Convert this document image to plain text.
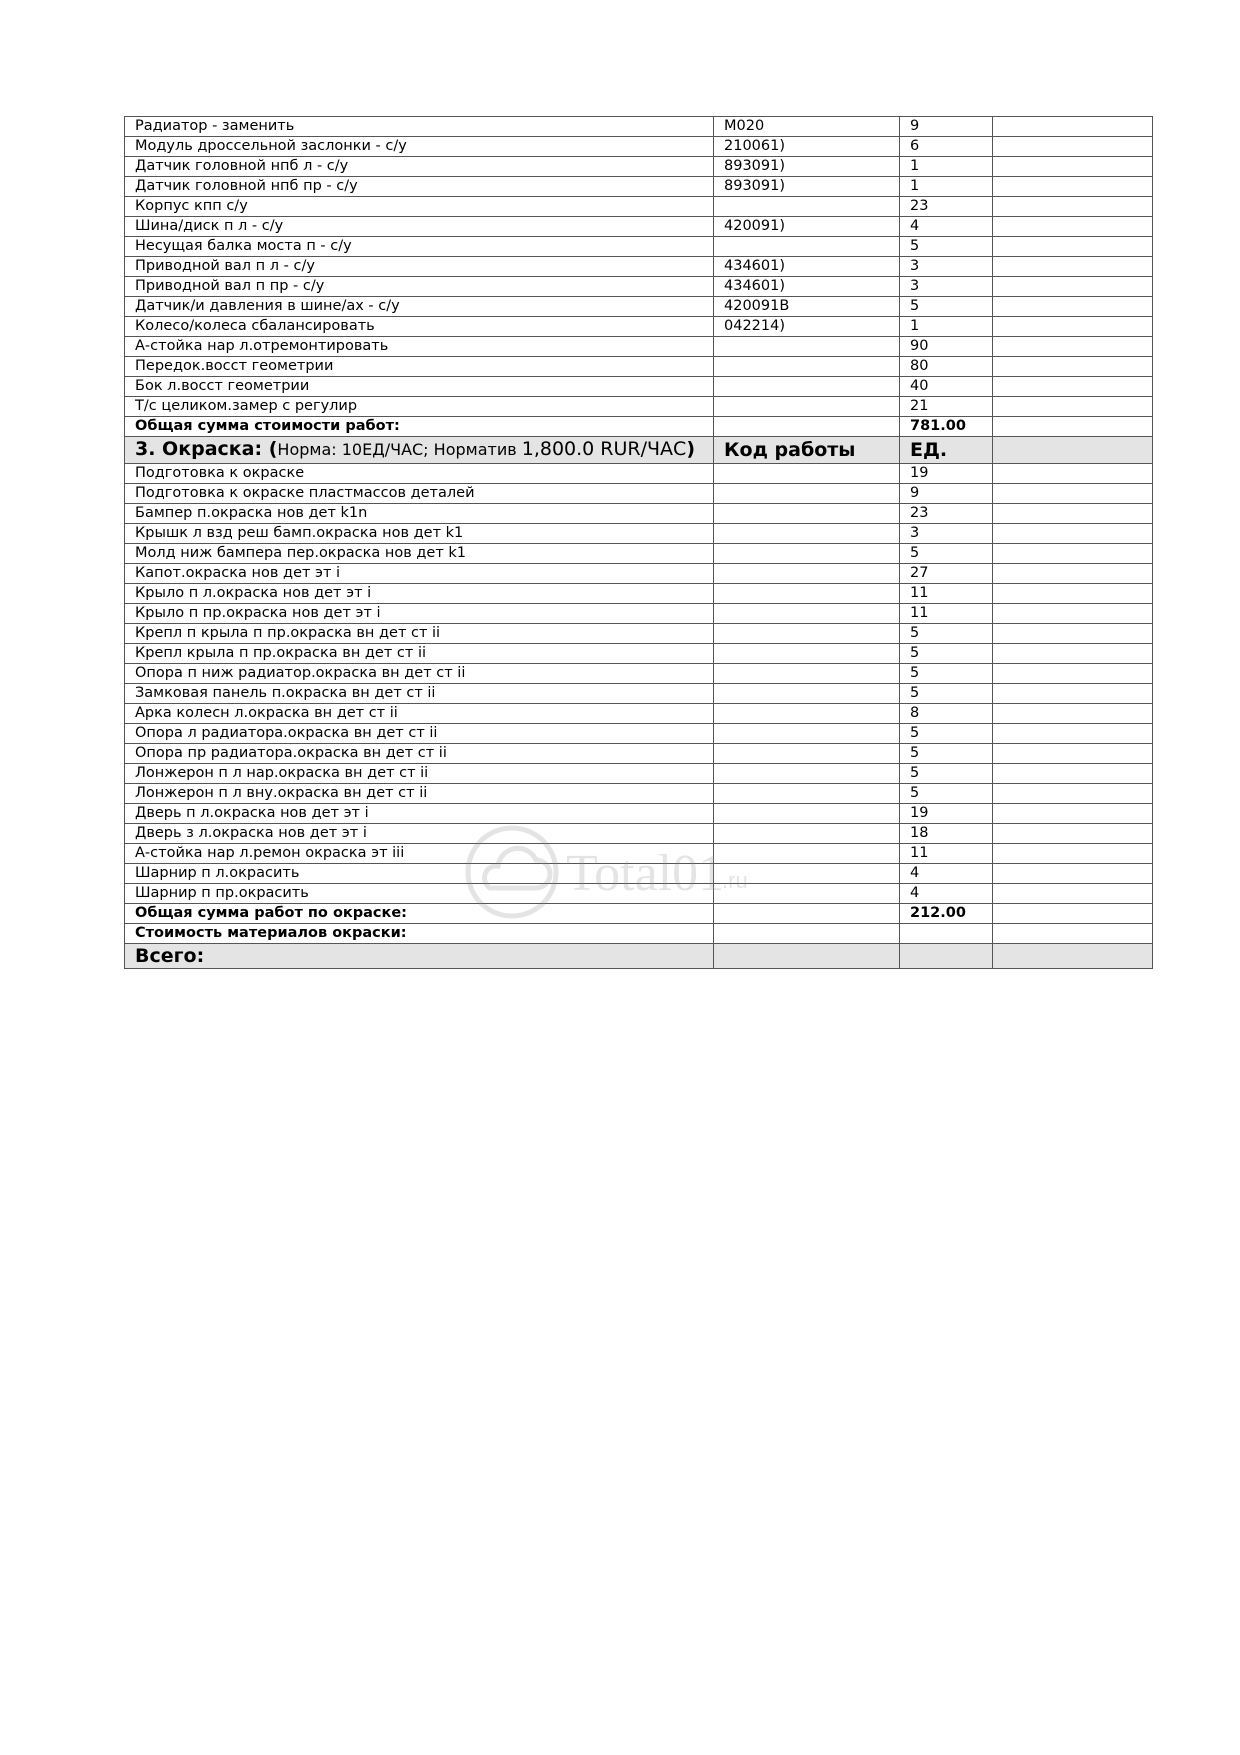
Радиатор - заменить	M020	9	
Модуль дроссельной заслонки - с/у	210061)	6	
Датчик головной нпб л - с/у	893091)	1	
Датчик головной нпб пр - с/у	893091)	1	
Корпус кпп с/у		23	
Шина/диск п л - с/у	420091)	4	
Несущая балка моста п - с/у		5	
Приводной вал п л - с/у	434601)	3	
Приводной вал п пр - с/у	434601)	3	
Датчик/и давления в шине/ах - с/у	420091B	5	
Колесо/колеса сбалансировать	042214)	1	
А-стойка нар л.отремонтировать		90	
Передок.восст геометрии		80	
Бок л.восст геометрии		40	
Т/с целиком.замер с регулир		21	
Общая сумма стоимости работ:		781.00	
3. Окраска: (Норма: 10ЕД/ЧАС; Норматив 1,800.0 RUR/ЧАС)	Код работы	ЕД.	
Подготовка к окраске		19	
Подготовка к окраске пластмассов деталей		9	
Бампер п.окраска нов дет k1n		23	
Крышк л взд реш бамп.окраска нов дет k1		3	
Молд ниж бампера пер.окраска нов дет k1		5	
Капот.окраска нов дет эт i		27	
Крыло п л.окраска нов дет эт i		11	
Крыло п пр.окраска нов дет эт i		11	
Крепл п крыла п пр.окраска вн дет ст ii		5	
Крепл крыла п пр.окраска вн дет ст ii		5	
Опора п ниж радиатор.окраска вн дет ст ii		5	
Замковая панель п.окраска вн дет ст ii		5	
Арка колесн л.окраска вн дет ст ii		8	
Опора л радиатора.окраска вн дет ст ii		5	
Опора пр радиатора.окраска вн дет ст ii		5	
Лонжерон п л нар.окраска вн дет ст ii		5	
Лонжерон п л вну.окраска вн дет ст ii		5	
Дверь п л.окраска нов дет эт i		19	
Дверь з л.окраска нов дет эт i		18	
А-стойка нар л.ремон окраска эт iii		11	
Шарнир п л.окрасить		4	
Шарнир п пр.окрасить		4	
Общая сумма работ по окраске:		212.00	
Стоимость материалов окраски:			
Всего:			
Total01
.ru
